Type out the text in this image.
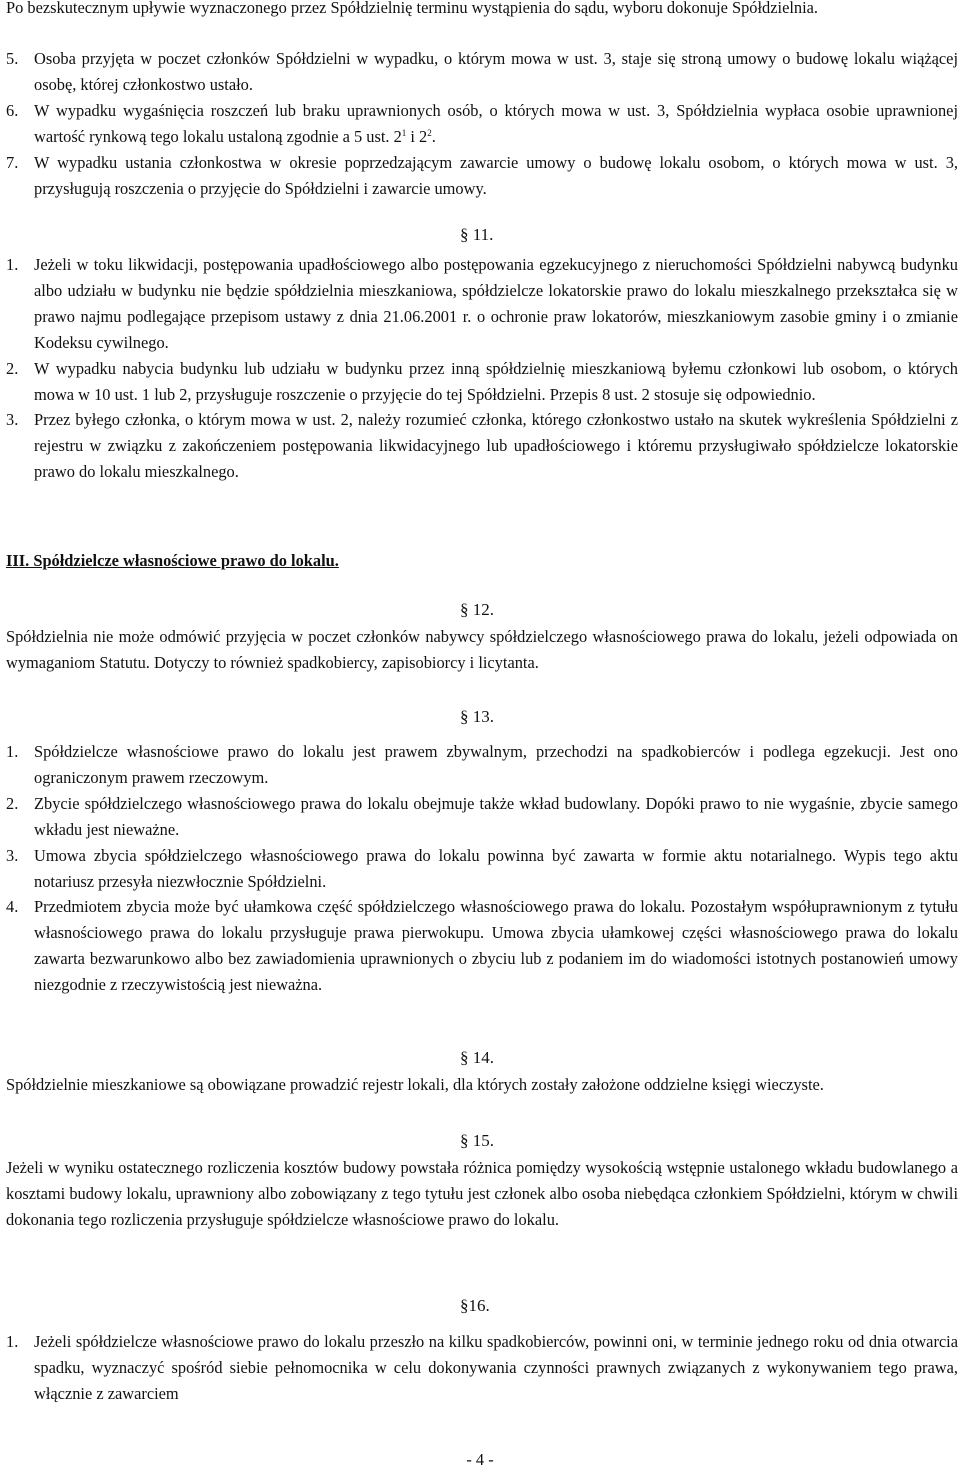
Po bezskutecznym upływie wyznaczonego przez Spółdzielnię terminu wystąpienia do sądu, wyboru dokonuje Spółdzielnia.
5. Osoba przyjęta w poczet członków Spółdzielni w wypadku, o którym mowa w ust. 3, staje się stroną umowy o budowę lokalu wiążącej osobę, której członkostwo ustało.
6. W wypadku wygaśnięcia roszczeń lub braku uprawnionych osób, o których mowa w ust. 3, Spółdzielnia wypłaca osobie uprawnionej wartość rynkową tego lokalu ustaloną zgodnie a 5 ust. $2^1$ i $2^2$.
7. W wypadku ustania członkostwa w okresie poprzedzającym zawarcie umowy o budowę lokalu osobom, o których mowa w ust. 3, przysługują roszczenia o przyjęcie do Spółdzielni i zawarcie umowy.
§ 11.
1. Jeżeli w toku likwidacji, postępowania upadłościowego albo postępowania egzekucyjnego z nieruchomości Spółdzielni nabywcą budynku albo udziału w budynku nie będzie spółdzielnia mieszkaniowa, spółdzielcze lokatorskie prawo do lokalu mieszkalnego przekształca się w prawo najmu podlegające przepisom ustawy z dnia 21.06.2001 r. o ochronie praw lokatorów, mieszkaniowym zasobie gminy i o zmianie Kodeksu cywilnego.
2. W wypadku nabycia budynku lub udziału w budynku przez inną spółdzielnię mieszkaniową byłemu członkowi lub osobom, o których mowa w 10 ust. 1 lub 2, przysługuje roszczenie o przyjęcie do tej Spółdzielni. Przepis 8 ust. 2 stosuje się odpowiednio.
3. Przez byłego członka, o którym mowa w ust. 2, należy rozumieć członka, którego członkostwo ustało na skutek wykreślenia Spółdzielni z rejestru w związku z zakończeniem postępowania likwidacyjnego lub upadłościowego i któremu przysługiwało spółdzielcze lokatorskie prawo do lokalu mieszkalnego.
III. Spółdzielcze własnościowe prawo do lokalu.
§ 12.
Spółdzielnia nie może odmówić przyjęcia w poczet członków nabywcy spółdzielczego własnościowego prawa do lokalu, jeżeli odpowiada on wymaganiom Statutu. Dotyczy to również spadkobiercy, zapisobiorcy i licytanta.
§ 13.
1. Spółdzielcze własnościowe prawo do lokalu jest prawem zbywalnym, przechodzi na spadkobierców i podlega egzekucji. Jest ono ograniczonym prawem rzeczowym.
2. Zbycie spółdzielczego własnościowego prawa do lokalu obejmuje także wkład budowlany. Dopóki prawo to nie wygaśnie, zbycie samego wkładu jest nieważne.
3. Umowa zbycia spółdzielczego własnościowego prawa do lokalu powinna być zawarta w formie aktu notarialnego. Wypis tego aktu notariusz przesyła niezwłocznie Spółdzielni.
4. Przedmiotem zbycia może być ułamkowa część spółdzielczego własnościowego prawa do lokalu. Pozostałym współuprawnionym z tytułu własnościowego prawa do lokalu przysługuje prawa pierwokupu. Umowa zbycia ułamkowej części własnościowego prawa do lokalu zawarta bezwarunkowo albo bez zawiadomienia uprawnionych o zbyciu lub z podaniem im do wiadomości istotnych postanowień umowy niezgodnie z rzeczywistością jest nieważna.
§ 14.
Spółdzielnie mieszkaniowe są obowiązane prowadzić rejestr lokali, dla których zostały założone oddzielne księgi wieczyste.
§ 15.
Jeżeli w wyniku ostatecznego rozliczenia kosztów budowy powstała różnica pomiędzy wysokością wstępnie ustalonego wkładu budowlanego a kosztami budowy lokalu, uprawniony albo zobowiązany z tego tytułu jest członek albo osoba niebędąca członkiem Spółdzielni, którym w chwili dokonania tego rozliczenia przysługuje spółdzielcze własnościowe prawo do lokalu.
§16.
1. Jeżeli spółdzielcze własnościowe prawo do lokalu przeszło na kilku spadkobierców, powinni oni, w terminie jednego roku od dnia otwarcia spadku, wyznaczyć spośród siebie pełnomocnika w celu dokonywania czynności prawnych związanych z wykonywaniem tego prawa, włącznie z zawarciem
- 4 -
